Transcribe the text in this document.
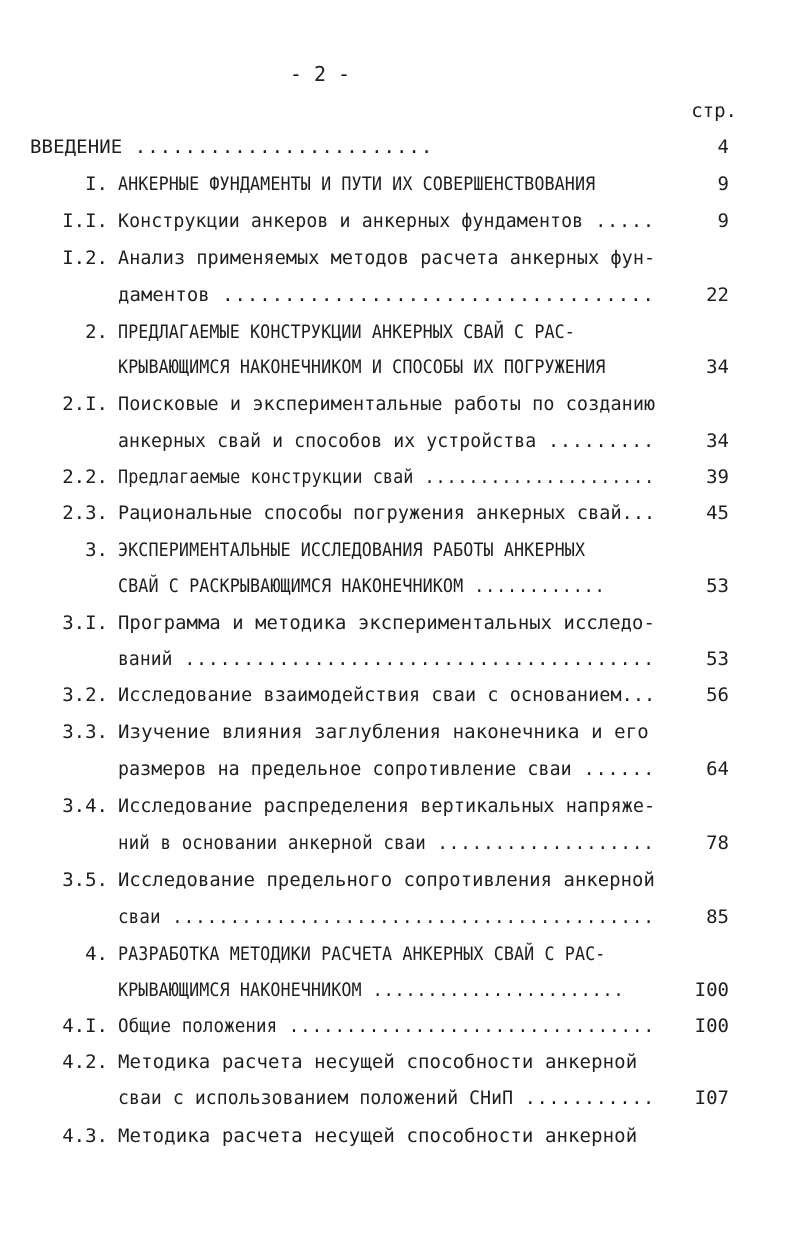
- 2 -
стр.
ВВЕДЕНИЕ ........................	4
I. АНКЕРНЫЕ ФУНДАМЕНТЫ И ПУТИ ИХ СОВЕРШЕНСТВОВАНИЯ	9
I.I. Конструкции анкеров и анкерных фундаментов .....	9
I.2. Анализ применяемых методов расчета анкерных фун-
даментов ...................................	22
2. ПРЕДЛАГАЕМЫЕ КОНСТРУКЦИИ АНКЕРНЫХ СВАЙ С РАС-
КРЫВАЮЩИМСЯ НАКОНЕЧНИКОМ И СПОСОБЫ ИХ ПОГРУЖЕНИЯ	34
2.I. Поисковые и экспериментальные работы по созданию
анкерных свай и способов их устройства .........	34
2.2. Предлагаемые конструкции свай .....................	39
2.3. Рациональные способы погружения анкерных свай...	45
3. ЭКСПЕРИМЕНТАЛЬНЫЕ ИССЛЕДОВАНИЯ РАБОТЫ АНКЕРНЫХ
СВАЙ С РАСКРЫВАЮЩИМСЯ НАКОНЕЧНИКОМ ............	53
3.I. Программа и методика экспериментальных исследо-
ваний ........................................	53
3.2. Исследование взаимодействия сваи с основанием...	56
3.3. Изучение влияния заглубления наконечника и его
размеров на предельное сопротивление сваи ......	64
3.4. Исследование распределения вертикальных напряже-
ний в основании анкерной сваи ...................	78
3.5. Исследование предельного сопротивления анкерной
сваи ..........................................	85
4. РАЗРАБОТКА МЕТОДИКИ РАСЧЕТА АНКЕРНЫХ СВАЙ С РАС-
КРЫВАЮЩИМСЯ НАКОНЕЧНИКОМ .......................	I00
4.I. Общие положения ................................	I00
4.2. Методика расчета несущей способности анкерной
сваи с использованием положений СНиП ...........	I07
4.3. Методика расчета несущей способности анкерной
